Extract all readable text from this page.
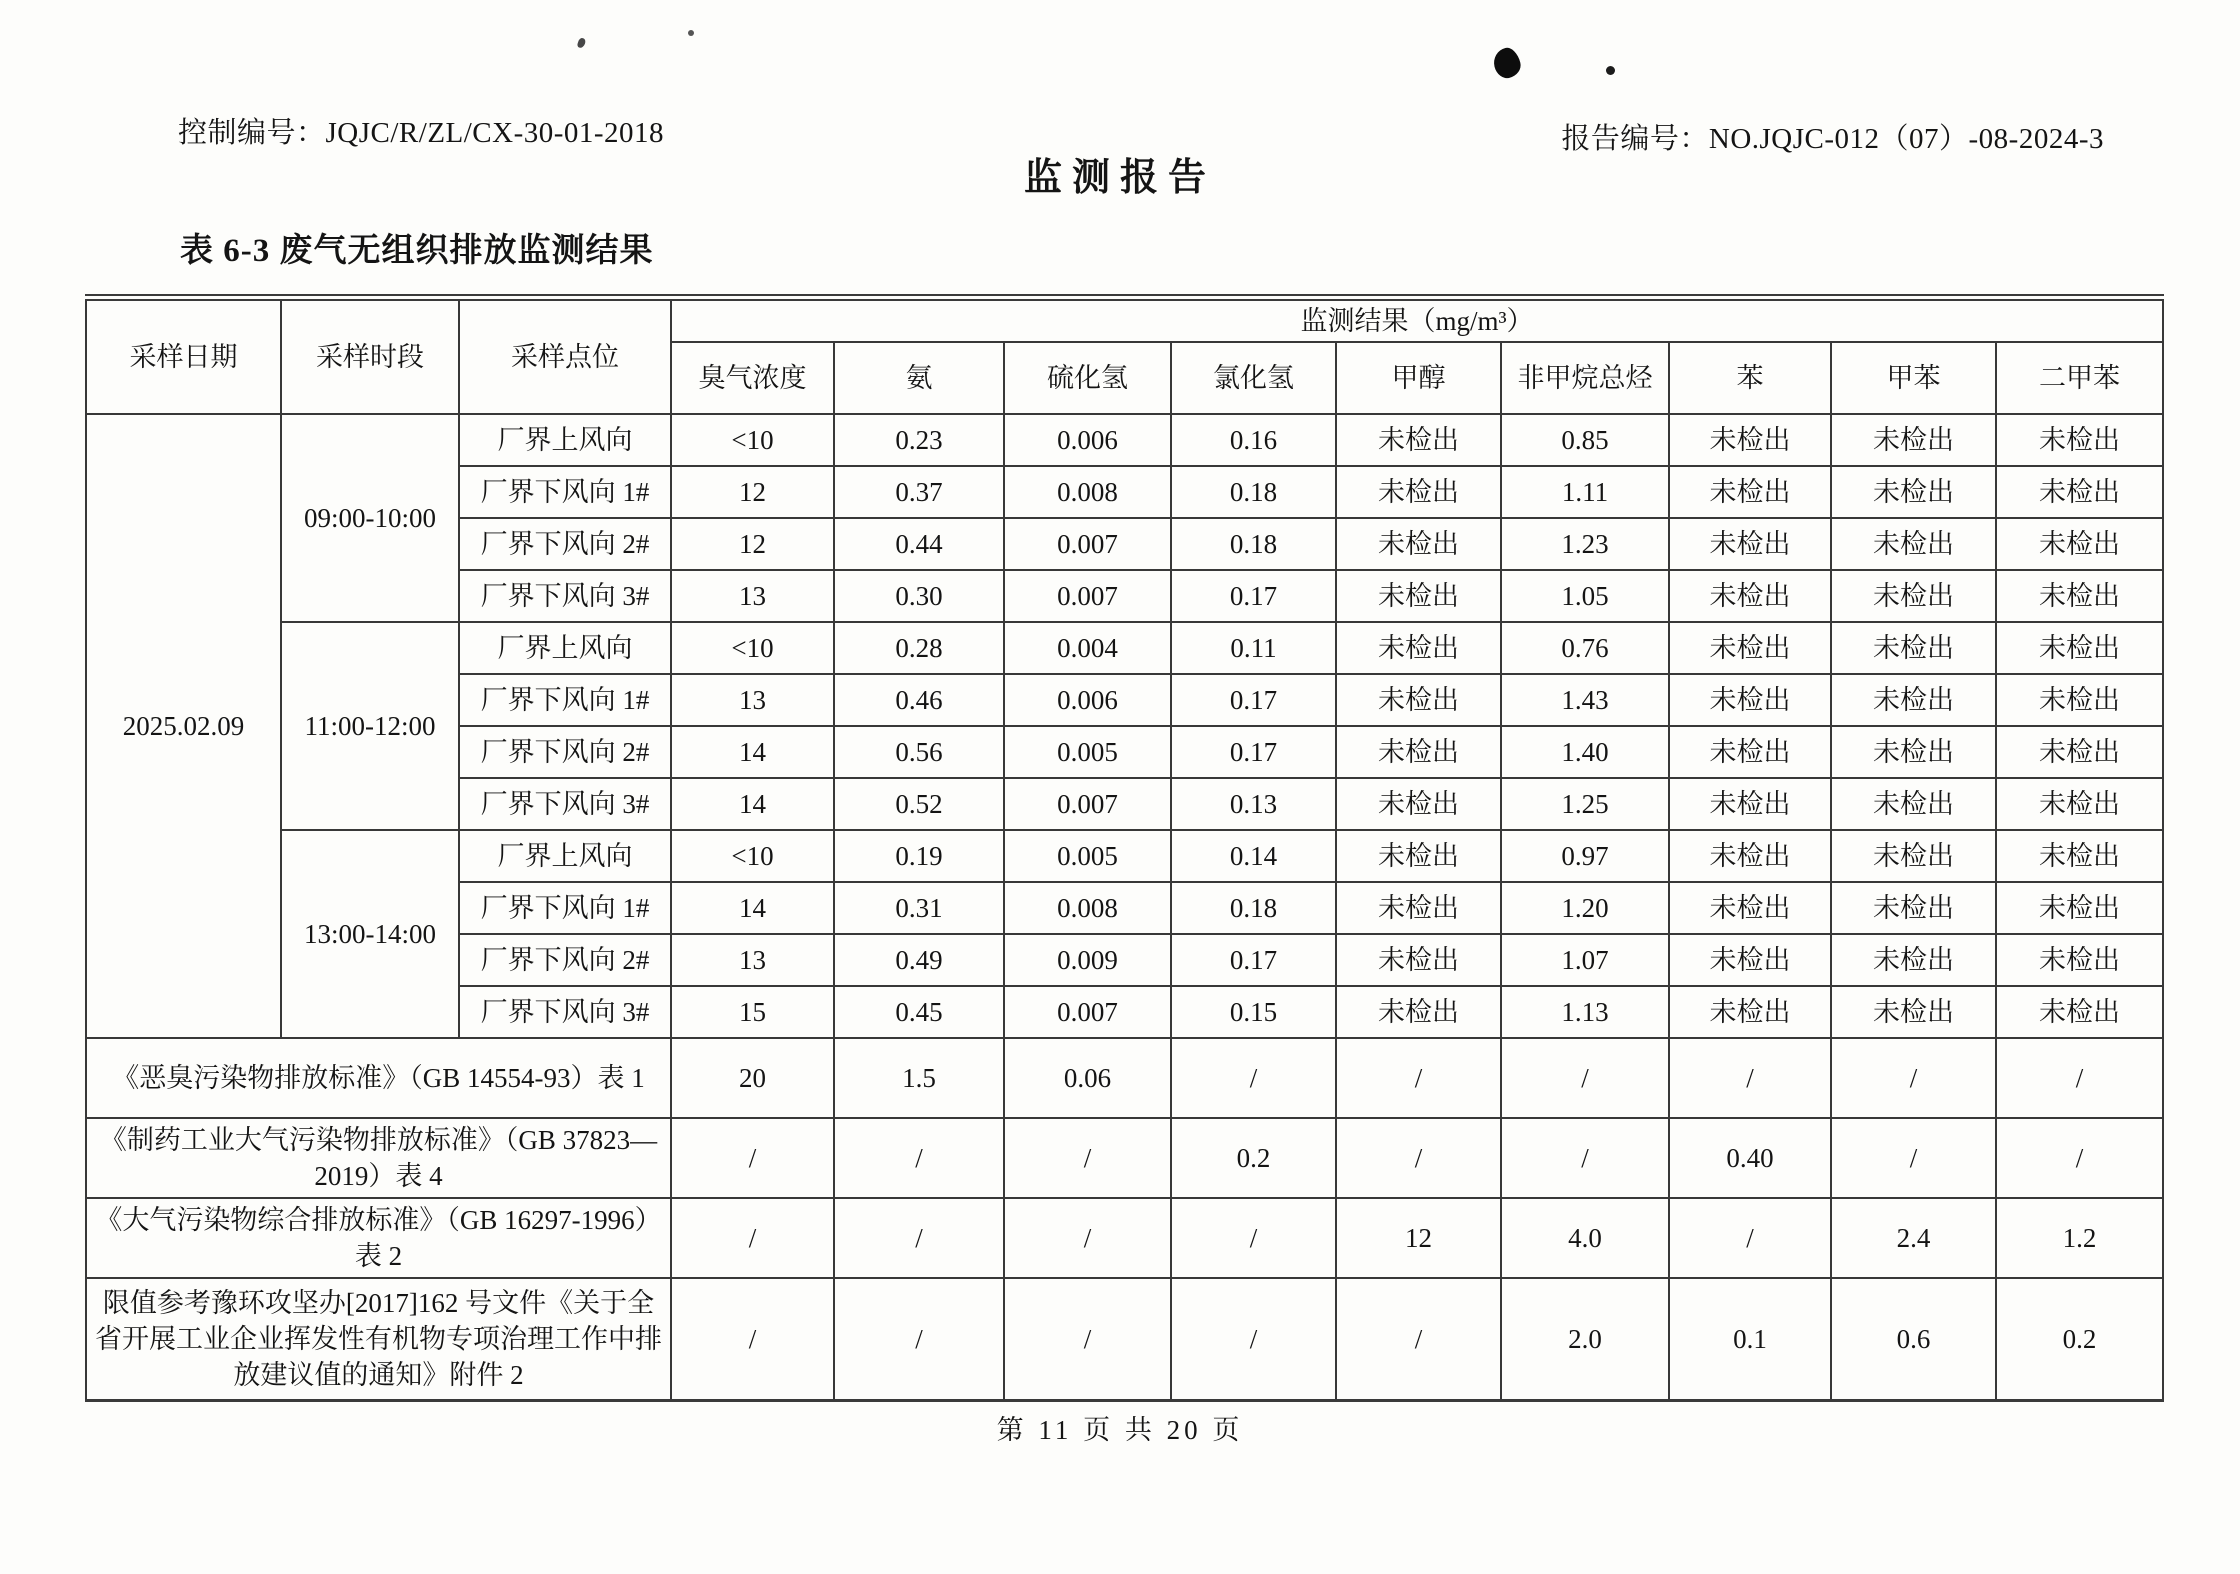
控制编号：JQJC/R/ZL/CX-30-01-2018	报告编号：NO.JQJC-012（07）-08-2024-3
监测报告
表 6-3 废气无组织排放监测结果
采样日期	采样时段	采样点位	监测结果（mg/m³）								
			臭气浓度	氨	硫化氢	氯化氢	甲醇	非甲烷总烃	苯	甲苯	二甲苯
2025.02.09	09:00-10:00	厂界上风向	<10	0.23	0.006	0.16	未检出	0.85	未检出	未检出	未检出
		厂界下风向 1#	12	0.37	0.008	0.18	未检出	1.11	未检出	未检出	未检出
		厂界下风向 2#	12	0.44	0.007	0.18	未检出	1.23	未检出	未检出	未检出
		厂界下风向 3#	13	0.30	0.007	0.17	未检出	1.05	未检出	未检出	未检出
	11:00-12:00	厂界上风向	<10	0.28	0.004	0.11	未检出	0.76	未检出	未检出	未检出
		厂界下风向 1#	13	0.46	0.006	0.17	未检出	1.43	未检出	未检出	未检出
		厂界下风向 2#	14	0.56	0.005	0.17	未检出	1.40	未检出	未检出	未检出
		厂界下风向 3#	14	0.52	0.007	0.13	未检出	1.25	未检出	未检出	未检出
	13:00-14:00	厂界上风向	<10	0.19	0.005	0.14	未检出	0.97	未检出	未检出	未检出
		厂界下风向 1#	14	0.31	0.008	0.18	未检出	1.20	未检出	未检出	未检出
		厂界下风向 2#	13	0.49	0.009	0.17	未检出	1.07	未检出	未检出	未检出
		厂界下风向 3#	15	0.45	0.007	0.15	未检出	1.13	未检出	未检出	未检出
《恶臭污染物排放标准》（GB 14554-93）表 1			20	1.5	0.06	/	/	/	/	/	/
《制药工业大气污染物排放标准》（GB 37823—2019）表 4			/	/	/	0.2	/	/	0.40	/	/
《大气污染物综合排放标准》（GB 16297-1996）表 2			/	/	/	/	12	4.0	/	2.4	1.2
限值参考豫环攻坚办[2017]162 号文件《关于全省开展工业企业挥发性有机物专项治理工作中排放建议值的通知》附件 2			/	/	/	/	/	2.0	0.1	0.6	0.2
第 11 页 共 20 页
